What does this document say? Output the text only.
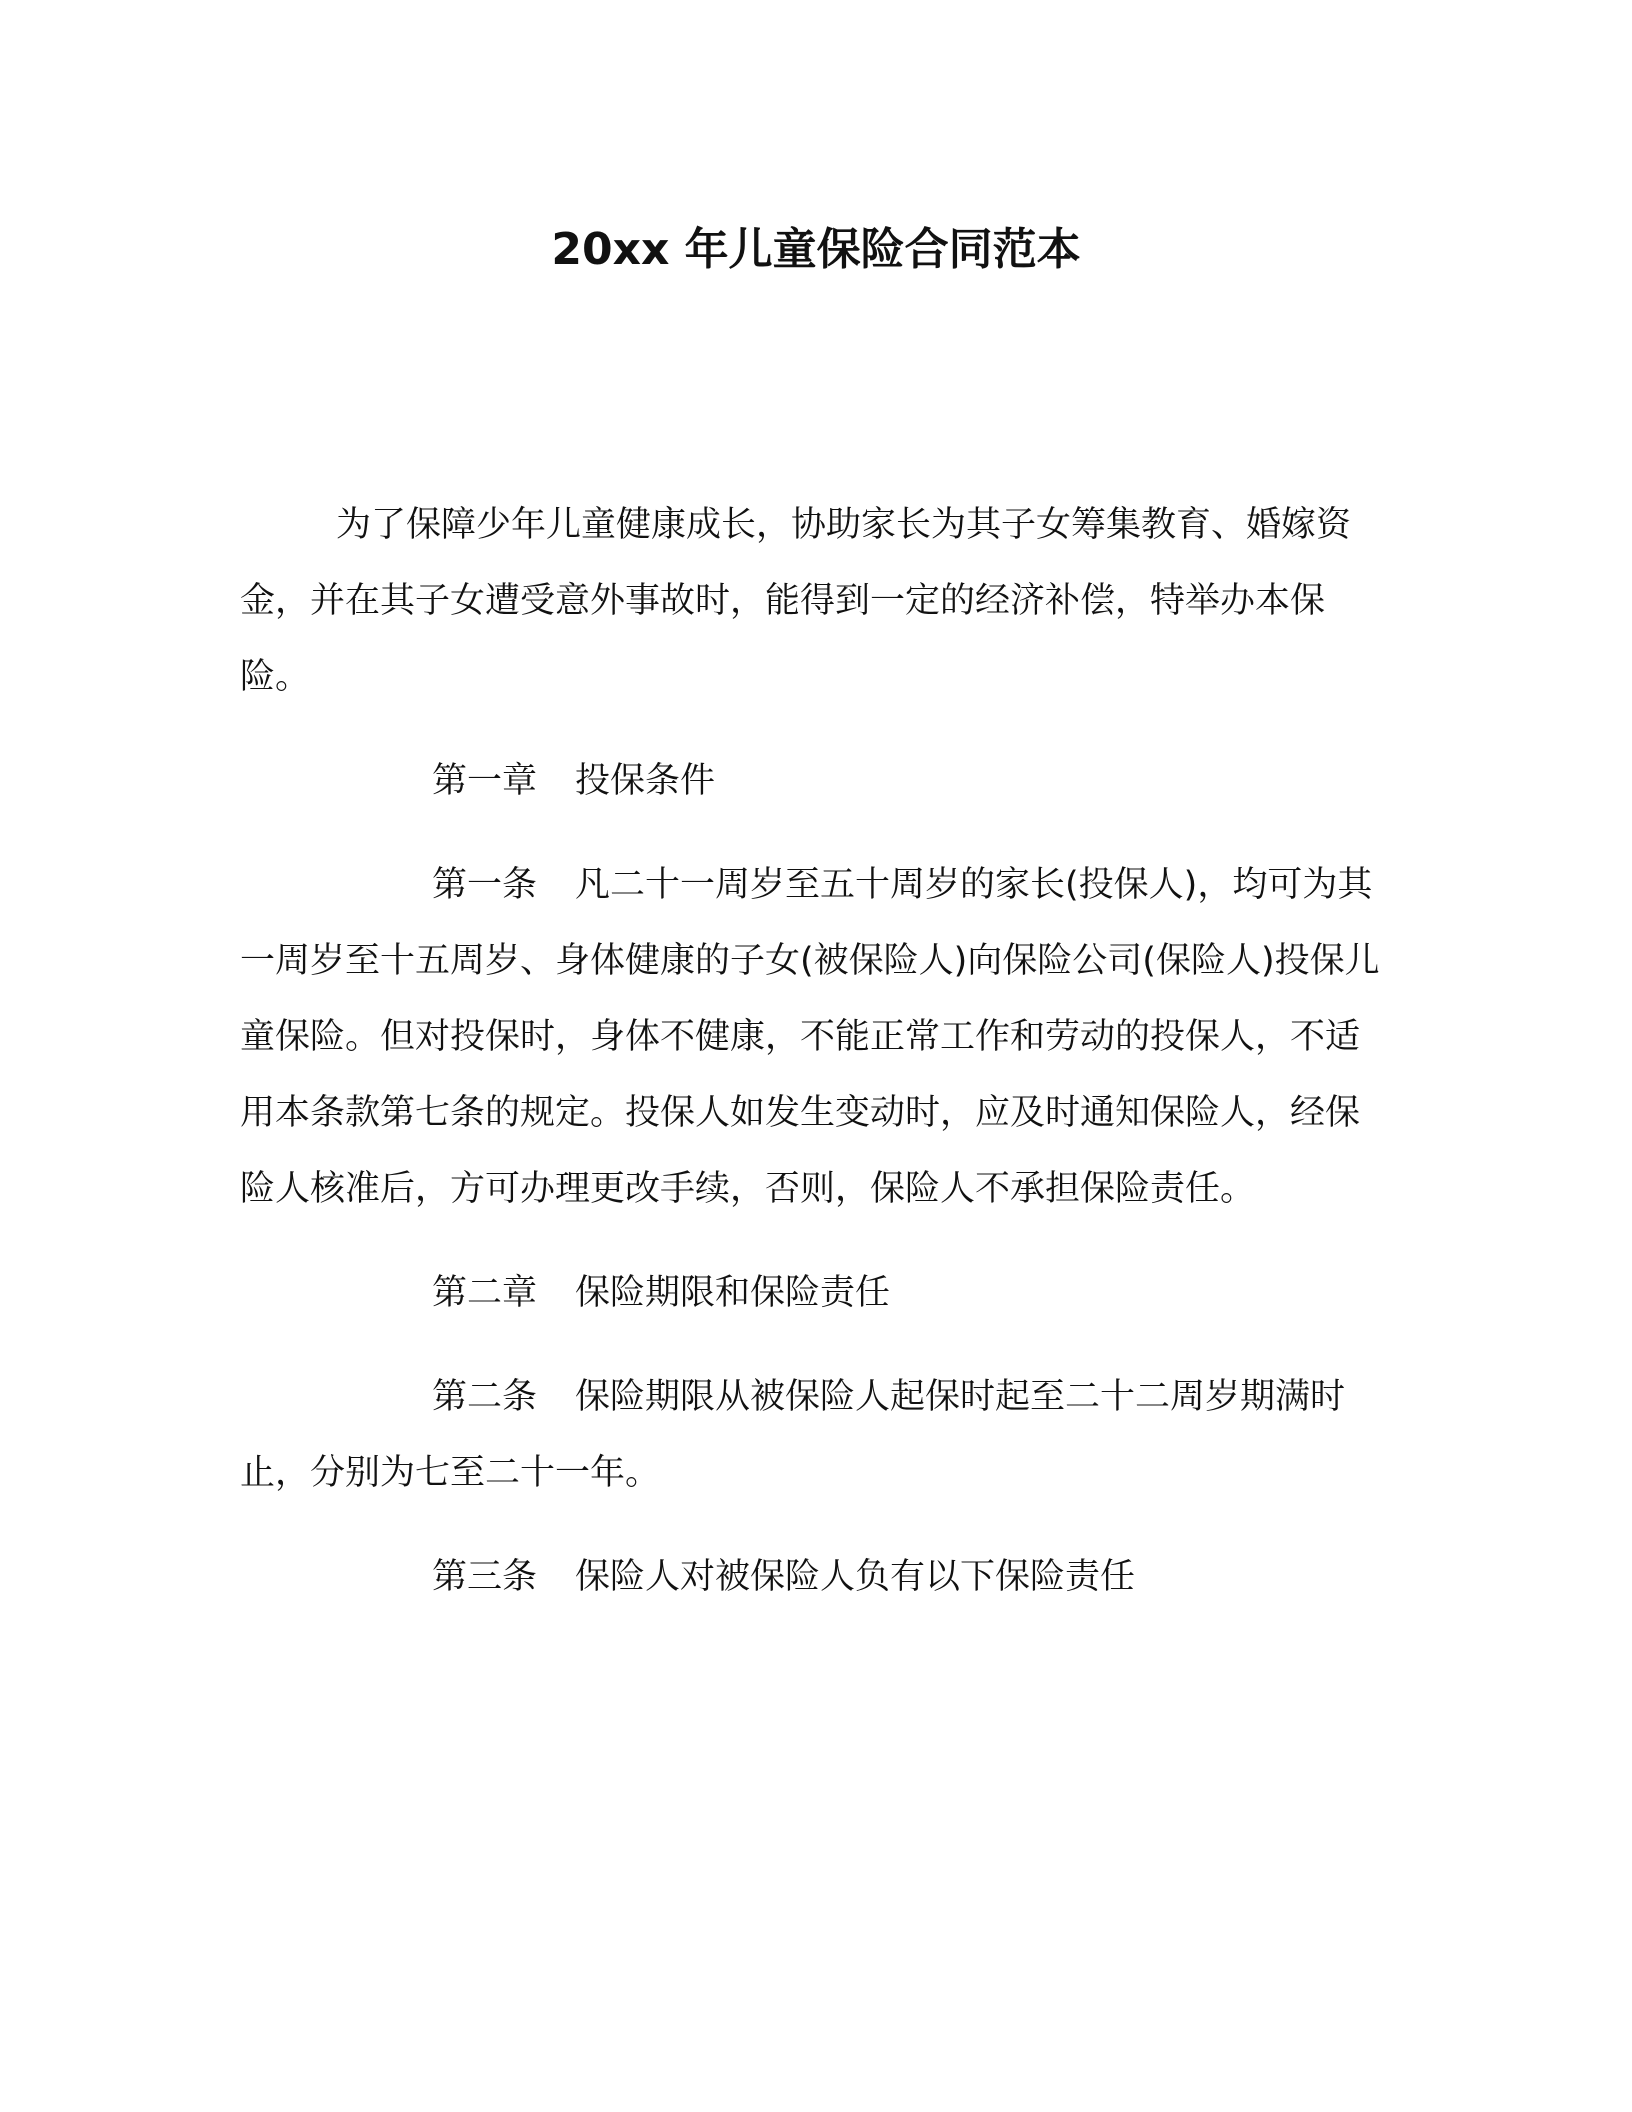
20xx 年儿童保险合同范本

为了保障少年儿童健康成长，协助家长为其子女筹集教育、婚嫁资金，并在其子女遭受意外事故时，能得到一定的经济补偿，特举办本保险。

第一章 投保条件

第一条 凡二十一周岁至五十周岁的家长(投保人)，均可为其一周岁至十五周岁、身体健康的子女(被保险人)向保险公司(保险人)投保儿童保险。但对投保时，身体不健康，不能正常工作和劳动的投保人，不适用本条款第七条的规定。投保人如发生变动时，应及时通知保险人，经保险人核准后，方可办理更改手续，否则，保险人不承担保险责任。

第二章 保险期限和保险责任

第二条 保险期限从被保险人起保时起至二十二周岁期满时止，分别为七至二十一年。

第三条 保险人对被保险人负有以下保险责任
